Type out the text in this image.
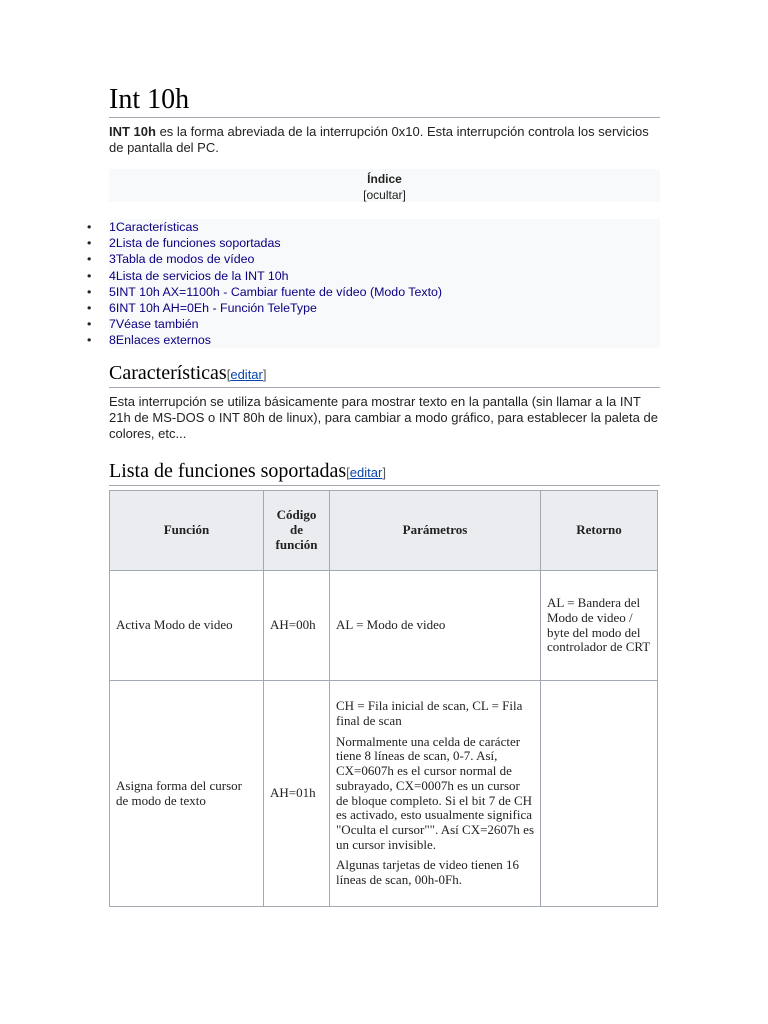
Int 10h

INT 10h es la forma abreviada de la interrupción 0x10. Esta interrupción controla los servicios de pantalla del PC.

Índice
[ocultar]
• 1Características
• 2Lista de funciones soportadas
• 3Tabla de modos de vídeo
• 4Lista de servicios de la INT 10h
• 5INT 10h AX=1100h - Cambiar fuente de vídeo (Modo Texto)
• 6INT 10h AH=0Eh - Función TeleType
• 7Véase también
• 8Enlaces externos
Características[editar]

Esta interrupción se utiliza básicamente para mostrar texto en la pantalla (sin llamar a la INT 21h de MS-DOS o INT 80h de linux), para cambiar a modo gráfico, para establecer la paleta de colores, etc...

Lista de funciones soportadas[editar]
Función	Código de función	Parámetros	Retorno
Activa Modo de video	AH=00h	AL = Modo de video	AL = Bandera del Modo de video / byte del modo del controlador de CRT
Asigna forma del cursor de modo de texto	AH=01h	CH = Fila inicial de scan, CL = Fila final de scan

Normalmente una celda de carácter tiene 8 líneas de scan, 0-7. Así, CX=0607h es el cursor normal de subrayado, CX=0007h es un cursor de bloque completo. Si el bit 7 de CH es activado, esto usualmente significa "Oculta el cursor"". Así CX=2607h es un cursor invisible.

Algunas tarjetas de video tienen 16 líneas de scan, 00h-0Fh.	
